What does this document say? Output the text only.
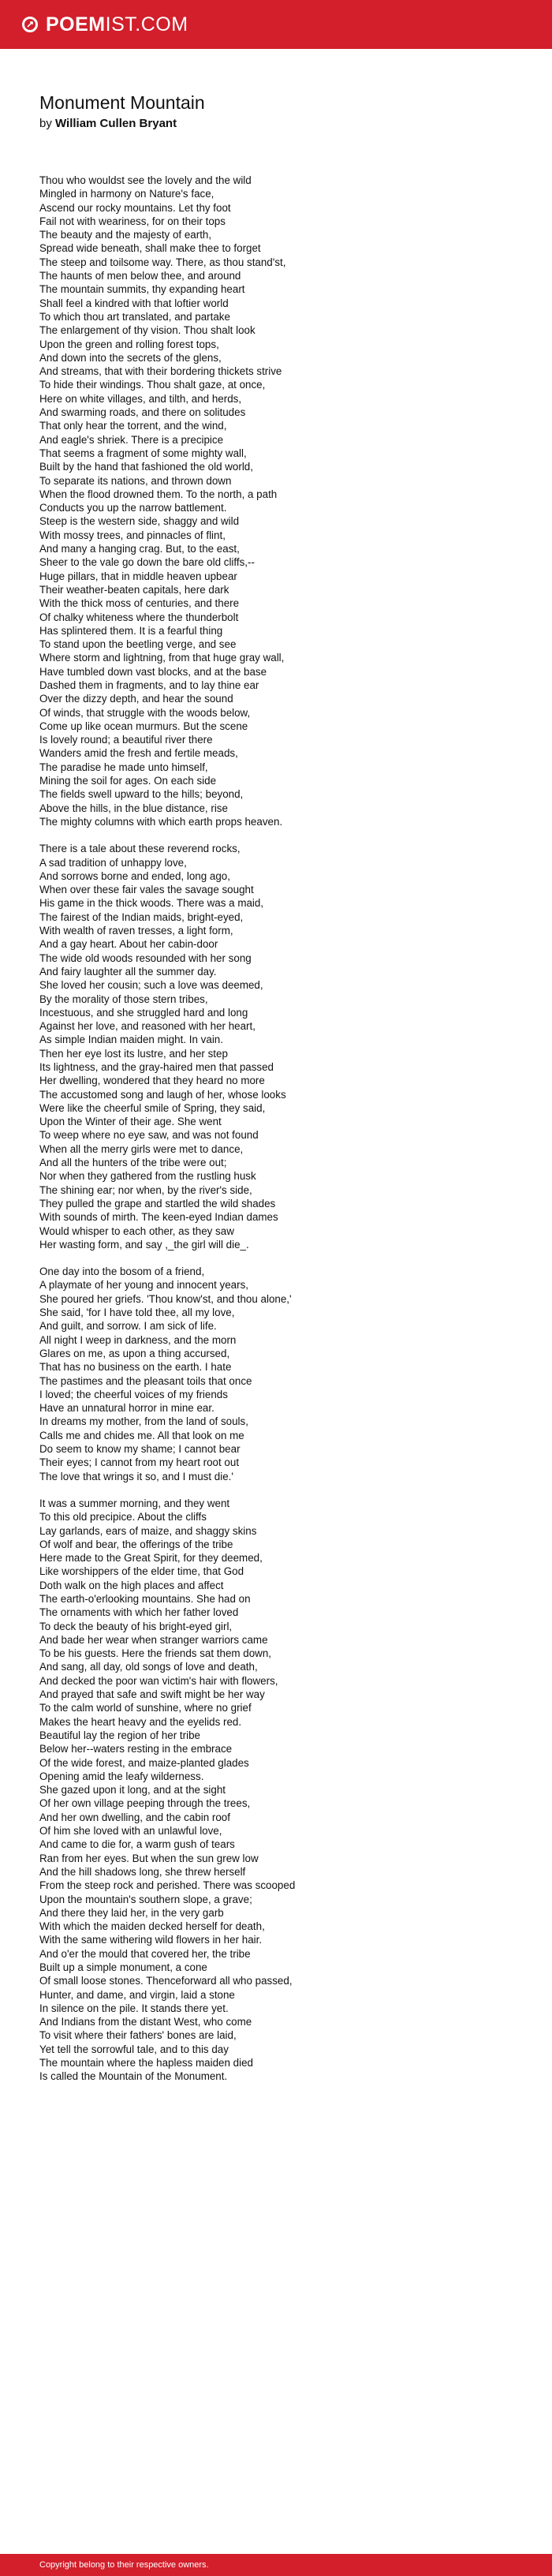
POEMIST.COM
Monument Mountain
by William Cullen Bryant
Thou who wouldst see the lovely and the wild
Mingled in harmony on Nature's face,
Ascend our rocky mountains. Let thy foot
Fail not with weariness, for on their tops
The beauty and the majesty of earth,
Spread wide beneath, shall make thee to forget
The steep and toilsome way. There, as thou stand'st,
The haunts of men below thee, and around
The mountain summits, thy expanding heart
Shall feel a kindred with that loftier world
To which thou art translated, and partake
The enlargement of thy vision. Thou shalt look
Upon the green and rolling forest tops,
And down into the secrets of the glens,
And streams, that with their bordering thickets strive
To hide their windings. Thou shalt gaze, at once,
Here on white villages, and tilth, and herds,
And swarming roads, and there on solitudes
That only hear the torrent, and the wind,
And eagle's shriek. There is a precipice
That seems a fragment of some mighty wall,
Built by the hand that fashioned the old world,
To separate its nations, and thrown down
When the flood drowned them. To the north, a path
Conducts you up the narrow battlement.
Steep is the western side, shaggy and wild
With mossy trees, and pinnacles of flint,
And many a hanging crag. But, to the east,
Sheer to the vale go down the bare old cliffs,--
Huge pillars, that in middle heaven upbear
Their weather-beaten capitals, here dark
With the thick moss of centuries, and there
Of chalky whiteness where the thunderbolt
Has splintered them. It is a fearful thing
To stand upon the beetling verge, and see
Where storm and lightning, from that huge gray wall,
Have tumbled down vast blocks, and at the base
Dashed them in fragments, and to lay thine ear
Over the dizzy depth, and hear the sound
Of winds, that struggle with the woods below,
Come up like ocean murmurs. But the scene
Is lovely round; a beautiful river there
Wanders amid the fresh and fertile meads,
The paradise he made unto himself,
Mining the soil for ages. On each side
The fields swell upward to the hills; beyond,
Above the hills, in the blue distance, rise
The mighty columns with which earth props heaven.
There is a tale about these reverend rocks,
A sad tradition of unhappy love,
And sorrows borne and ended, long ago,
When over these fair vales the savage sought
His game in the thick woods. There was a maid,
The fairest of the Indian maids, bright-eyed,
With wealth of raven tresses, a light form,
And a gay heart. About her cabin-door
The wide old woods resounded with her song
And fairy laughter all the summer day.
She loved her cousin; such a love was deemed,
By the morality of those stern tribes,
Incestuous, and she struggled hard and long
Against her love, and reasoned with her heart,
As simple Indian maiden might. In vain.
Then her eye lost its lustre, and her step
Its lightness, and the gray-haired men that passed
Her dwelling, wondered that they heard no more
The accustomed song and laugh of her, whose looks
Were like the cheerful smile of Spring, they said,
Upon the Winter of their age. She went
To weep where no eye saw, and was not found
When all the merry girls were met to dance,
And all the hunters of the tribe were out;
Nor when they gathered from the rustling husk
The shining ear; nor when, by the river's side,
They pulled the grape and startled the wild shades
With sounds of mirth. The keen-eyed Indian dames
Would whisper to each other, as they saw
Her wasting form, and say ,_the girl will die_.
One day into the bosom of a friend,
A playmate of her young and innocent years,
She poured her griefs. 'Thou know'st, and thou alone,'
She said, 'for I have told thee, all my love,
And guilt, and sorrow. I am sick of life.
All night I weep in darkness, and the morn
Glares on me, as upon a thing accursed,
That has no business on the earth. I hate
The pastimes and the pleasant toils that once
I loved; the cheerful voices of my friends
Have an unnatural horror in mine ear.
In dreams my mother, from the land of souls,
Calls me and chides me. All that look on me
Do seem to know my shame; I cannot bear
Their eyes; I cannot from my heart root out
The love that wrings it so, and I must die.'
It was a summer morning, and they went
To this old precipice. About the cliffs
Lay garlands, ears of maize, and shaggy skins
Of wolf and bear, the offerings of the tribe
Here made to the Great Spirit, for they deemed,
Like worshippers of the elder time, that God
Doth walk on the high places and affect
The earth-o'erlooking mountains. She had on
The ornaments with which her father loved
To deck the beauty of his bright-eyed girl,
And bade her wear when stranger warriors came
To be his guests. Here the friends sat them down,
And sang, all day, old songs of love and death,
And decked the poor wan victim's hair with flowers,
And prayed that safe and swift might be her way
To the calm world of sunshine, where no grief
Makes the heart heavy and the eyelids red.
Beautiful lay the region of her tribe
Below her--waters resting in the embrace
Of the wide forest, and maize-planted glades
Opening amid the leafy wilderness.
She gazed upon it long, and at the sight
Of her own village peeping through the trees,
And her own dwelling, and the cabin roof
Of him she loved with an unlawful love,
And came to die for, a warm gush of tears
Ran from her eyes. But when the sun grew low
And the hill shadows long, she threw herself
From the steep rock and perished. There was scooped
Upon the mountain's southern slope, a grave;
And there they laid her, in the very garb
With which the maiden decked herself for death,
With the same withering wild flowers in her hair.
And o'er the mould that covered her, the tribe
Built up a simple monument, a cone
Of small loose stones. Thenceforward all who passed,
Hunter, and dame, and virgin, laid a stone
In silence on the pile. It stands there yet.
And Indians from the distant West, who come
To visit where their fathers' bones are laid,
Yet tell the sorrowful tale, and to this day
The mountain where the hapless maiden died
Is called the Mountain of the Monument.
Copyright belong to their respective owners.
